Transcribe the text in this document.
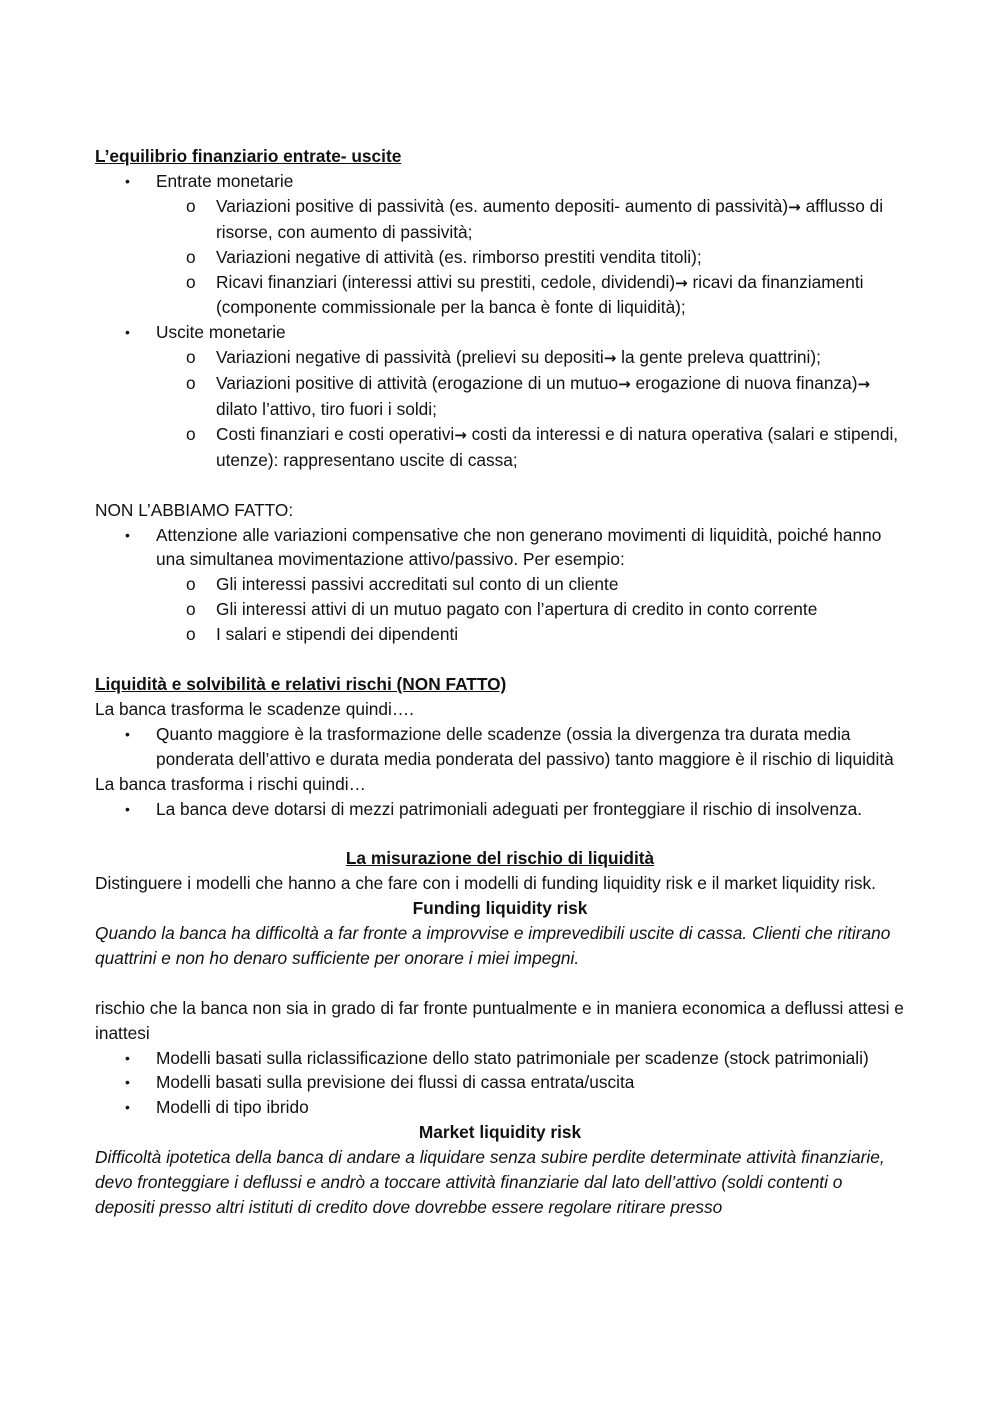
L’equilibrio finanziario entrate- uscite

• Entrate monetarie
o Variazioni positive di passività (es. aumento depositi- aumento di passività)→ afflusso di risorse, con aumento di passività;
o Variazioni negative di attività (es. rimborso prestiti vendita titoli);
o Ricavi finanziari (interessi attivi su prestiti, cedole, dividendi)→ ricavi da finanziamenti (componente commissionale per la banca è fonte di liquidità);
• Uscite monetarie
o Variazioni negative di passività (prelievi su depositi→ la gente preleva quattrini);
o Variazioni positive di attività (erogazione di un mutuo→ erogazione di nuova finanza)→ dilato l’attivo, tiro fuori i soldi;
o Costi finanziari e costi operativi→ costi da interessi e di natura operativa (salari e stipendi, utenze): rappresentano uscite di cassa;

NON L’ABBIAMO FATTO:

• Attenzione alle variazioni compensative che non generano movimenti di liquidità, poiché hanno una simultanea movimentazione attivo/passivo. Per esempio:
o Gli interessi passivi accreditati sul conto di un cliente
o Gli interessi attivi di un mutuo pagato con l’apertura di credito in conto corrente
o I salari e stipendi dei dipendenti

Liquidità e solvibilità e relativi rischi (NON FATTO)

La banca trasforma le scadenze quindi….

• Quanto maggiore è la trasformazione delle scadenze (ossia la divergenza tra durata media ponderata dell’attivo e durata media ponderata del passivo) tanto maggiore è il rischio di liquidità

La banca trasforma i rischi quindi…

• La banca deve dotarsi di mezzi patrimoniali adeguati per fronteggiare il rischio di insolvenza.

La misurazione del rischio di liquidità

Distinguere i modelli che hanno a che fare con i modelli di funding liquidity risk e il market liquidity risk.

Funding liquidity risk

Quando la banca ha difficoltà a far fronte a improvvise e imprevedibili uscite di cassa. Clienti che ritirano quattrini e non ho denaro sufficiente per onorare i miei impegni.

rischio che la banca non sia in grado di far fronte puntualmente e in maniera economica a deflussi attesi e inattesi

• Modelli basati sulla riclassificazione dello stato patrimoniale per scadenze (stock patrimoniali)
• Modelli basati sulla previsione dei flussi di cassa entrata/uscita
• Modelli di tipo ibrido

Market liquidity risk

Difficoltà ipotetica della banca di andare a liquidare senza subire perdite determinate attività finanziarie, devo fronteggiare i deflussi e andrò a toccare attività finanziarie dal lato dell’attivo (soldi contenti o depositi presso altri istituti di credito dove dovrebbe essere regolare ritirare presso
